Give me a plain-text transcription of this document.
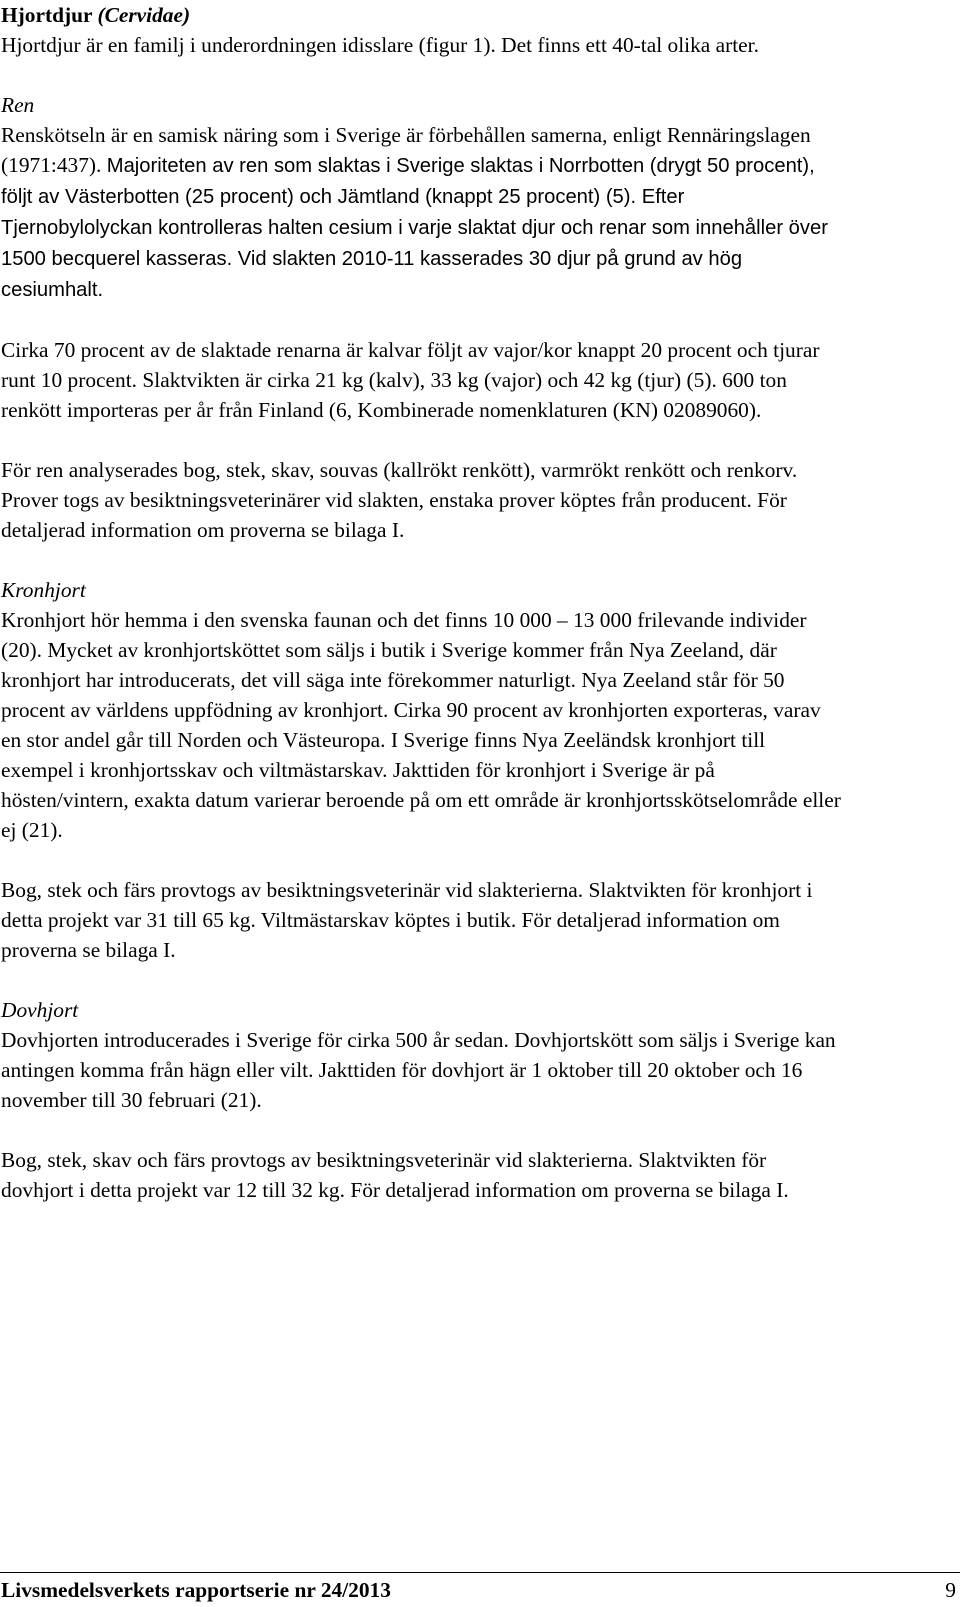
Hjortdjur (Cervidae)

Hjortdjur är en familj i underordningen idisslare (figur 1). Det finns ett 40-tal olika arter.

Ren

Renskötseln är en samisk näring som i Sverige är förbehållen samerna, enligt Rennäringslagen (1971:437). Majoriteten av ren som slaktas i Sverige slaktas i Norrbotten (drygt 50 procent), följt av Västerbotten (25 procent) och Jämtland (knappt 25 procent) (5). Efter Tjernobylolyckan kontrolleras halten cesium i varje slaktat djur och renar som innehåller över 1500 becquerel kasseras. Vid slakten 2010-11 kasserades 30 djur på grund av hög cesiumhalt.

Cirka 70 procent av de slaktade renarna är kalvar följt av vajor/kor knappt 20 procent och tjurar runt 10 procent. Slaktvikten är cirka 21 kg (kalv), 33 kg (vajor) och 42 kg (tjur) (5). 600 ton renkött importeras per år från Finland (6, Kombinerade nomenklaturen (KN) 02089060).

För ren analyserades bog, stek, skav, souvas (kallrökt renkött), varmrökt renkött och renkorv. Prover togs av besiktningsveterinärer vid slakten, enstaka prover köptes från producent. För detaljerad information om proverna se bilaga I.

Kronhjort

Kronhjort hör hemma i den svenska faunan och det finns 10 000 – 13 000 frilevande individer (20). Mycket av kronhjortsköttet som säljs i butik i Sverige kommer från Nya Zeeland, där kronhjort har introducerats, det vill säga inte förekommer naturligt. Nya Zeeland står för 50 procent av världens uppfödning av kronhjort. Cirka 90 procent av kronhjorten exporteras, varav en stor andel går till Norden och Västeuropa. I Sverige finns Nya Zeeländsk kronhjort till exempel i kronhjortsskav och viltmästarskav. Jakttiden för kronhjort i Sverige är på hösten/vintern, exakta datum varierar beroende på om ett område är kronhjortsskötselområde eller ej (21).

Bog, stek och färs provtogs av besiktningsveterinär vid slakterierna. Slaktvikten för kronhjort i detta projekt var 31 till 65 kg. Viltmästarskav köptes i butik. För detaljerad information om proverna se bilaga I.

Dovhjort

Dovhjorten introducerades i Sverige för cirka 500 år sedan. Dovhjortskött som säljs i Sverige kan antingen komma från hägn eller vilt. Jakttiden för dovhjort är 1 oktober till 20 oktober och 16 november till 30 februari (21).

Bog, stek, skav och färs provtogs av besiktningsveterinär vid slakterierna. Slaktvikten för dovhjort i detta projekt var 12 till 32 kg. För detaljerad information om proverna se bilaga I.

Livsmedelsverkets rapportserie nr 24/2013	9
